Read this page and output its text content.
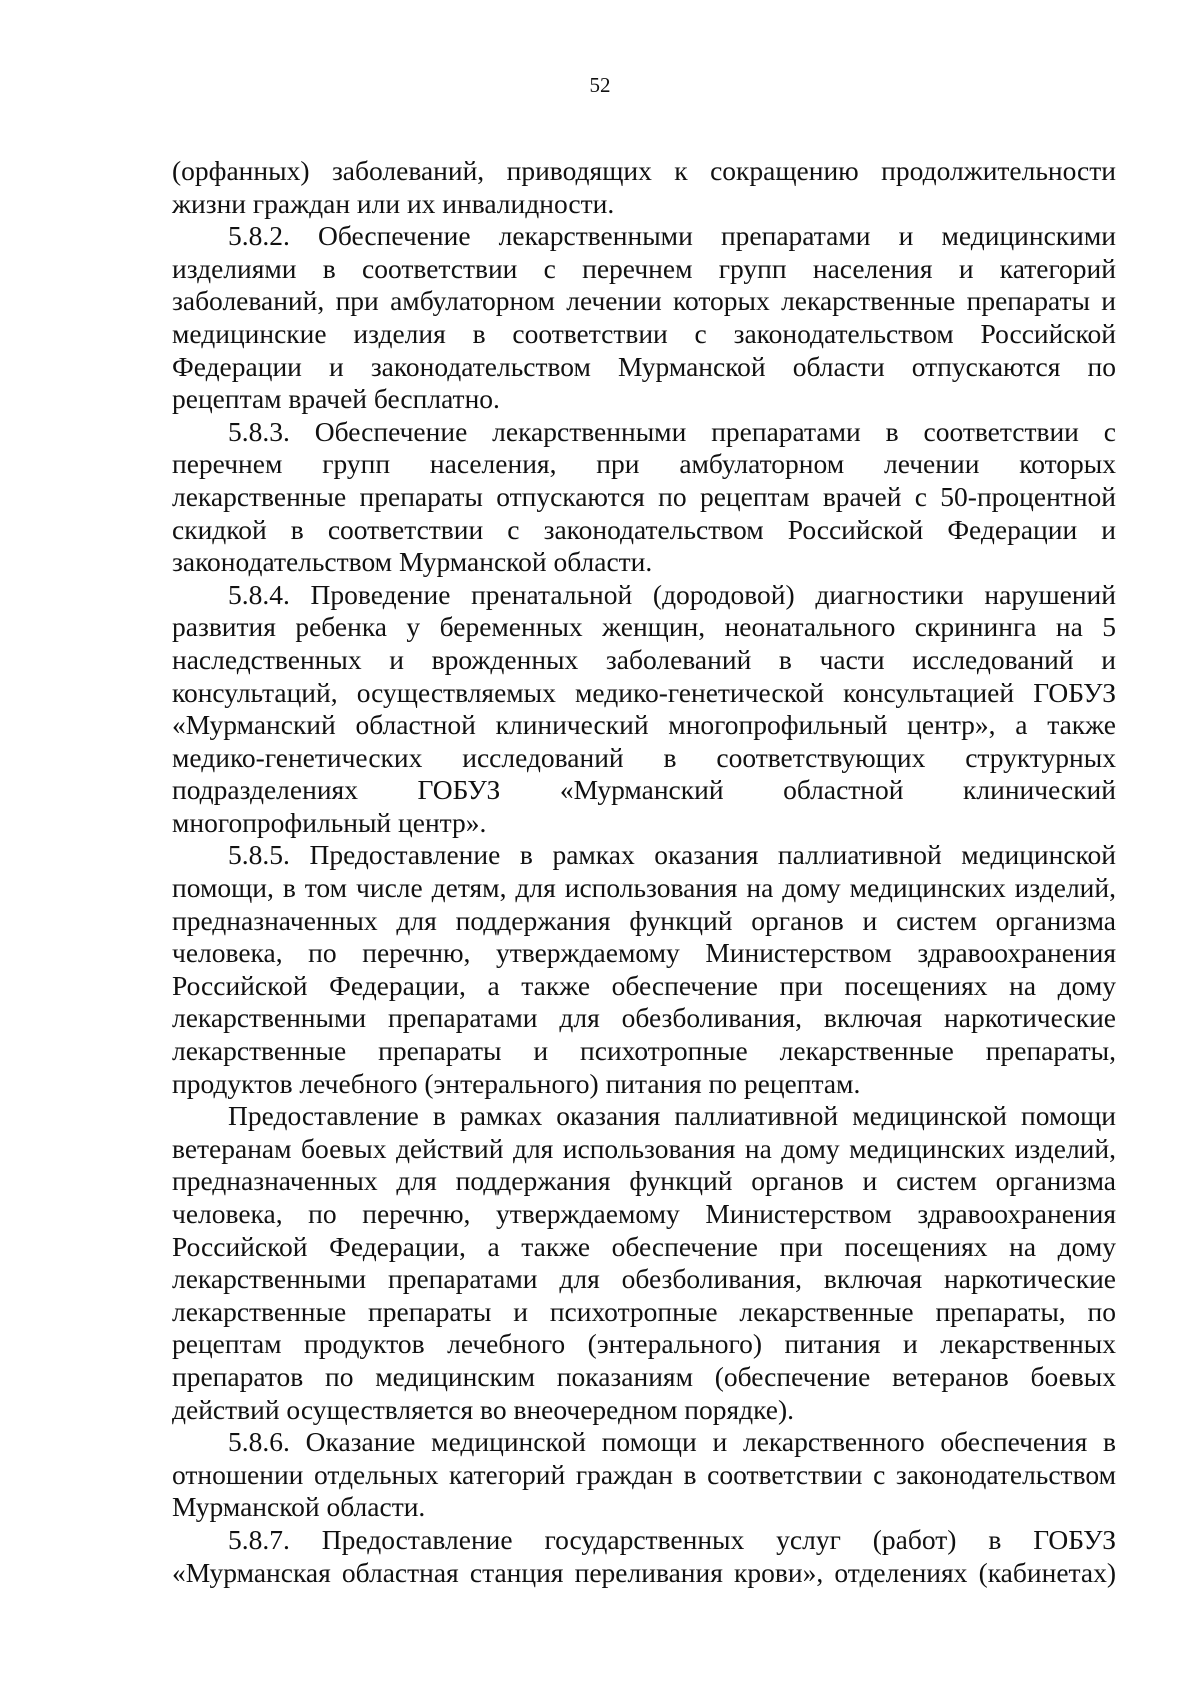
52
(орфанных) заболеваний, приводящих к сокращению продолжительности
жизни граждан или их инвалидности.
5.8.2. Обеспечение лекарственными препаратами и медицинскими
изделиями в соответствии с перечнем групп населения и категорий
заболеваний, при амбулаторном лечении которых лекарственные препараты и
медицинские изделия в соответствии с законодательством Российской
Федерации и законодательством Мурманской области отпускаются по
рецептам врачей бесплатно.
5.8.3. Обеспечение лекарственными препаратами в соответствии с
перечнем групп населения, при амбулаторном лечении которых
лекарственные препараты отпускаются по рецептам врачей с 50-процентной
скидкой в соответствии с законодательством Российской Федерации и
законодательством Мурманской области.
5.8.4. Проведение пренатальной (дородовой) диагностики нарушений
развития ребенка у беременных женщин, неонатального скрининга на 5
наследственных и врожденных заболеваний в части исследований и
консультаций, осуществляемых медико-генетической консультацией ГОБУЗ
«Мурманский областной клинический многопрофильный центр», а также
медико-генетических исследований в соответствующих структурных
подразделениях ГОБУЗ «Мурманский областной клинический
многопрофильный центр».
5.8.5. Предоставление в рамках оказания паллиативной медицинской
помощи, в том числе детям, для использования на дому медицинских изделий,
предназначенных для поддержания функций органов и систем организма
человека, по перечню, утверждаемому Министерством здравоохранения
Российской Федерации, а также обеспечение при посещениях на дому
лекарственными препаратами для обезболивания, включая наркотические
лекарственные препараты и психотропные лекарственные препараты,
продуктов лечебного (энтерального) питания по рецептам.
Предоставление в рамках оказания паллиативной медицинской помощи
ветеранам боевых действий для использования на дому медицинских изделий,
предназначенных для поддержания функций органов и систем организма
человека, по перечню, утверждаемому Министерством здравоохранения
Российской Федерации, а также обеспечение при посещениях на дому
лекарственными препаратами для обезболивания, включая наркотические
лекарственные препараты и психотропные лекарственные препараты, по
рецептам продуктов лечебного (энтерального) питания и лекарственных
препаратов по медицинским показаниям (обеспечение ветеранов боевых
действий осуществляется во внеочередном порядке).
5.8.6. Оказание медицинской помощи и лекарственного обеспечения в
отношении отдельных категорий граждан в соответствии с законодательством
Мурманской области.
5.8.7. Предоставление государственных услуг (работ) в ГОБУЗ
«Мурманская областная станция переливания крови», отделениях (кабинетах)
